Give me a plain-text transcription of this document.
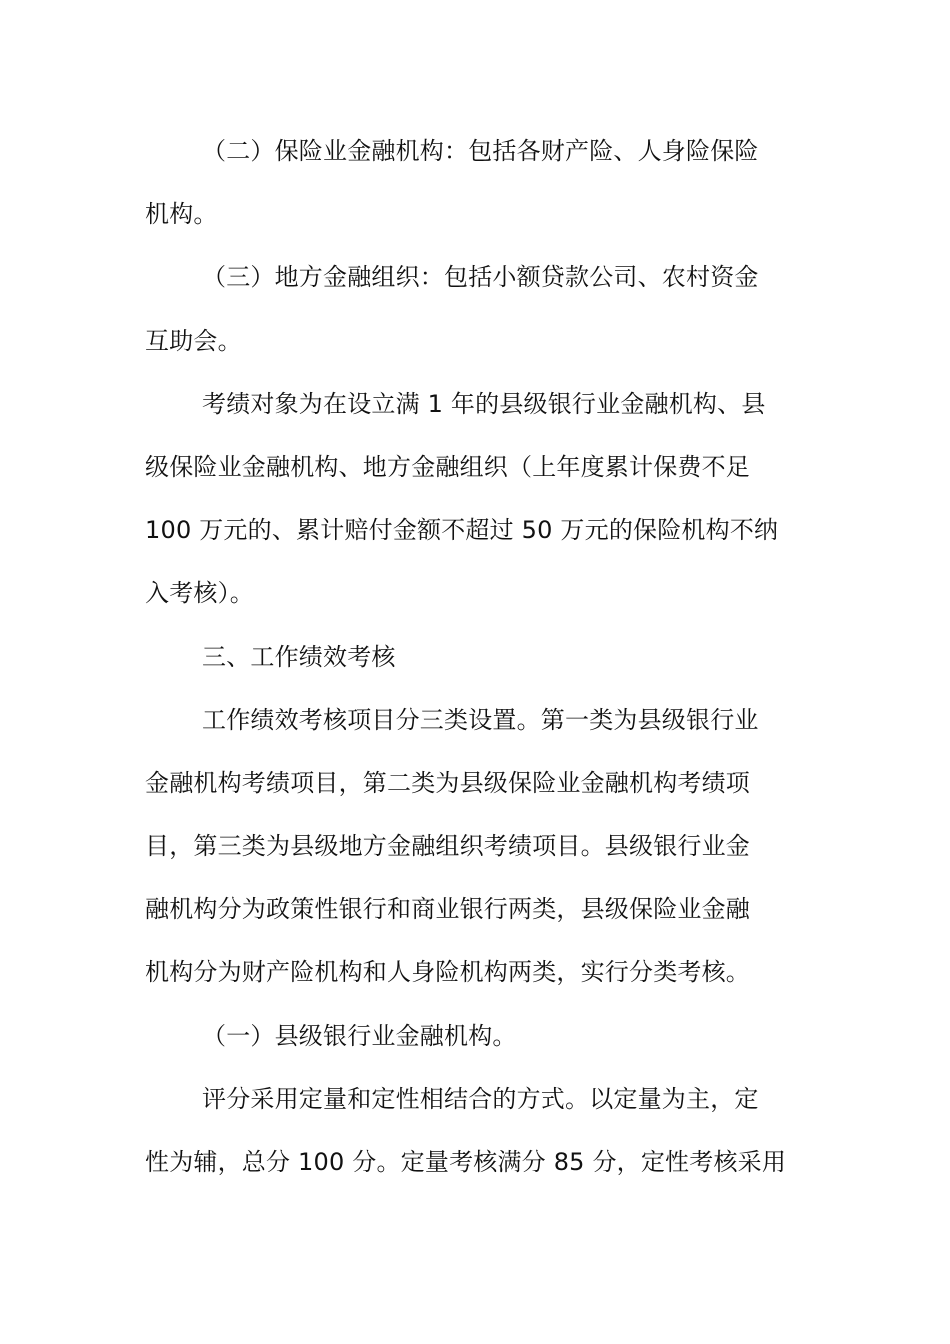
（二）保险业金融机构：包括各财产险、人身险保险
机构。
（三）地方金融组织：包括小额贷款公司、农村资金
互助会。
考绩对象为在设立满 1 年的县级银行业金融机构、县
级保险业金融机构、地方金融组织（上年度累计保费不足
100 万元的、累计赔付金额不超过 50 万元的保险机构不纳
入考核）。
三、工作绩效考核
工作绩效考核项目分三类设置。第一类为县级银行业
金融机构考绩项目，第二类为县级保险业金融机构考绩项
目，第三类为县级地方金融组织考绩项目。县级银行业金
融机构分为政策性银行和商业银行两类，县级保险业金融
机构分为财产险机构和人身险机构两类，实行分类考核。
（一）县级银行业金融机构。
评分采用定量和定性相结合的方式。以定量为主，定
性为辅，总分 100 分。定量考核满分 85 分，定性考核采用
